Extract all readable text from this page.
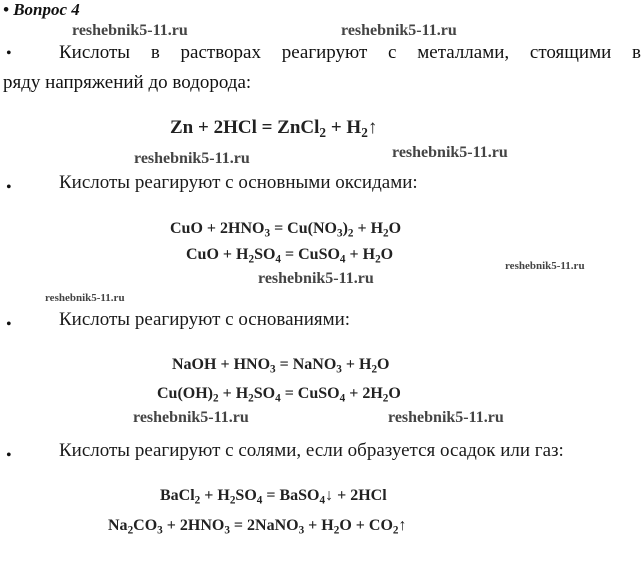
• Вопрос 4
reshebnik5-11.ru	reshebnik5-11.ru
reshebnik5-11.ru	reshebnik5-11.ru
reshebnik5-11.ru
reshebnik5-11.ru
reshebnik5-11.ru
reshebnik5-11.ru	reshebnik5-11.ru
•	Кислоты в растворах реагируют с металлами, стоящими в
ряду напряжений до водорода:
Zn + 2HCl = ZnCl$_2$ + $H_2↑$
• Кислоты реагируют с основными оксидами:
CuO + $2HNO_3 = Cu(NO_3)_2 + H_2O$
CuO + $H_2SO_4$ = CuSO$_4$ + $H_2O$
• Кислоты реагируют с основаниями:
NaOH + $HNO_3$ = NaNO$_3$ + $H_2O$
$Cu(OH)_2 + H_2SO_4$ = CuSO$_4$ + $2H_2O$
• Кислоты реагируют с солями, если образуется осадок или газ:
BaCl$_2$ + $H_2SO_4$ = BaSO$_4$↓ + 2HCl
$Na_2CO_3 + 2HNO_3$ = 2NaNO$_3$ + $H_2O$ + $CO_2↑$
